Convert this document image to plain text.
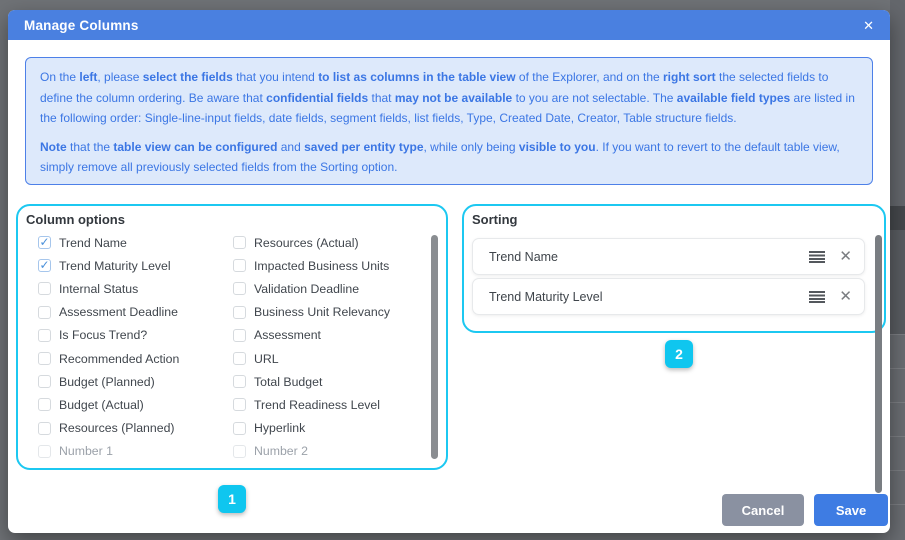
Manage Columns	✕

On the left, please select the fields that you intend to list as columns in the table view of the Explorer, and on the right sort the selected fields to define the column ordering. Be aware that confidential fields that may not be available to you are not selectable. The available field types are listed in the following order: Single-line-input fields, date fields, segment fields, list fields, Type, Created Date, Creator, Table structure fields.

Note that the table view can be configured and saved per entity type, while only being visible to you. If you want to revert to the default table view, simply remove all previously selected fields from the Sorting option.

Column options
✓ Trend Name
✓ Trend Maturity Level
Internal Status
Assessment Deadline
Is Focus Trend?
Recommended Action
Budget (Planned)
Budget (Actual)
Resources (Planned)
Number 1
Resources (Actual)
Impacted Business Units
Validation Deadline
Business Unit Relevancy
Assessment
URL
Total Budget
Trend Readiness Level
Hyperlink
Number 2
Sorting
Trend Name	✕
Trend Maturity Level	✕
1
2
Cancel	Save
